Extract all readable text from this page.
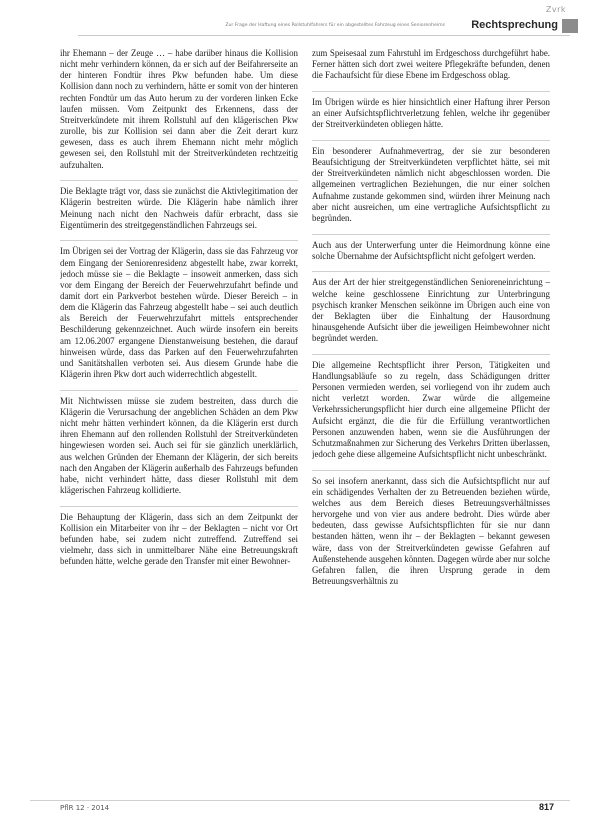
Zvrk
Zur Frage der Haftung eines Rollstuhlfahrers für ein abgestelltes Fahrzeug eines Seniorenheims Rechtsprechung

ihr Ehemann – der Zeuge … – habe darüber hinaus die Kollision nicht mehr verhindern können, da er sich auf der Beifahrerseite an der hinteren Fondtür ihres Pkw befunden habe. Um diese Kollision dann noch zu verhindern, hätte er somit von der hinteren rechten Fondtür um das Auto herum zu der vorderen linken Ecke laufen müssen. Vom Zeitpunkt des Erkennens, dass der Streitverkündete mit ihrem Rollstuhl auf den klägerischen Pkw zurolle, bis zur Kollision sei dann aber die Zeit derart kurz gewesen, dass es auch ihrem Ehemann nicht mehr möglich gewesen sei, den Rollstuhl mit der Streitverkündeten rechtzeitig aufzuhalten.

Die Beklagte trägt vor, dass sie zunächst die Aktivlegitimation der Klägerin bestreiten würde. Die Klägerin habe nämlich ihrer Meinung nach nicht den Nachweis dafür erbracht, dass sie Eigentümerin des streitgegenständlichen Fahrzeugs sei.

Im Übrigen sei der Vortrag der Klägerin, dass sie das Fahrzeug vor dem Eingang der Seniorenresidenz abgestellt habe, zwar korrekt, jedoch müsse sie – die Beklagte – insoweit anmerken, dass sich vor dem Eingang der Bereich der Feuerwehrzufahrt befinde und damit dort ein Parkverbot bestehen würde. Dieser Bereich – in dem die Klägerin das Fahrzeug abgestellt habe – sei auch deutlich als Bereich der Feuerwehrzufahrt mittels entsprechender Beschilderung gekennzeichnet. Auch würde insofern ein bereits am 12.06.2007 ergangene Dienstanweisung bestehen, die darauf hinweisen würde, dass das Parken auf den Feuerwehrzufahrten und Sanitätshallen verboten sei. Aus diesem Grunde habe die Klägerin ihren Pkw dort auch widerrechtlich abgestellt.

Mit Nichtwissen müsse sie zudem bestreiten, dass durch die Klägerin die Verursachung der angeblichen Schäden an dem Pkw nicht mehr hätten verhindert können, da die Klägerin erst durch ihren Ehemann auf den rollenden Rollstuhl der Streitverkündeten hingewiesen worden sei. Auch sei für sie gänzlich unerklärlich, aus welchen Gründen der Ehemann der Klägerin, der sich bereits nach den Angaben der Klägerin außerhalb des Fahrzeugs befunden habe, nicht verhindert hätte, dass dieser Rollstuhl mit dem klägerischen Fahrzeug kollidierte.

Die Behauptung der Klägerin, dass sich an dem Zeitpunkt der Kollision ein Mitarbeiter von ihr – der Beklagten – nicht vor Ort befunden habe, sei zudem nicht zutreffend. Zutreffend sei vielmehr, dass sich in unmittelbarer Nähe eine Betreuungskraft befunden hätte, welche gerade den Transfer mit einer Bewohner-

zum Speisesaal zum Fahrstuhl im Erdgeschoss durchgeführt habe. Ferner hätten sich dort zwei weitere Pflegekräfte befunden, denen die Fachaufsicht für diese Ebene im Erdgeschoss oblag.

Im Übrigen würde es hier hinsichtlich einer Haftung ihrer Person an einer Aufsichtspflichtverletzung fehlen, welche ihr gegenüber der Streitverkündeten obliegen hätte.

Ein besonderer Aufnahmevertrag, der sie zur besonderen Beaufsichtigung der Streitverkündeten verpflichtet hätte, sei mit der Streitverkündeten nämlich nicht abgeschlossen worden. Die allgemeinen vertraglichen Beziehungen, die nur einer solchen Aufnahme zustande gekommen sind, würden ihrer Meinung nach aber nicht ausreichen, um eine vertragliche Aufsichtspflicht zu begründen.

Auch aus der Unterwerfung unter die Heimordnung könne eine solche Übernahme der Aufsichtspflicht nicht gefolgert werden.

Aus der Art der hier streitgegenständlichen Senioreneinrichtung – welche keine geschlossene Einrichtung zur Unterbringung psychisch kranker Menschen seikönne im Übrigen auch eine von der Beklagten über die Einhaltung der Hausordnung hinausgehende Aufsicht über die jeweiligen Heimbewohner nicht begründet werden.

Die allgemeine Rechtspflicht ihrer Person, Tätigkeiten und Handlungsabläufe so zu regeln, dass Schädigungen dritter Personen vermieden werden, sei vorliegend von ihr zudem auch nicht verletzt worden. Zwar würde die allgemeine Verkehrssicherungspflicht hier durch eine allgemeine Pflicht der Aufsicht ergänzt, die die für die Erfüllung verantwortlichen Personen anzuwenden haben, wenn sie die Ausführungen der Schutzmaßnahmen zur Sicherung des Verkehrs Dritten überlassen, jedoch gehe diese allgemeine Aufsichtspflicht nicht unbeschränkt.

So sei insofern anerkannt, dass sich die Aufsichtspflicht nur auf ein schädigendes Verhalten der zu Betreuenden beziehen würde, welches aus dem Bereich dieses Betreuungsverhältnisses hervorgehe und von vier aus andere bedroht. Dies würde aber bedeuten, dass gewisse Aufsichtspflichten für sie nur dann bestanden hätten, wenn ihr – der Beklagten – bekannt gewesen wäre, dass von der Streitverkündeten gewisse Gefahren auf Außenstehende ausgehen könnten. Dagegen würde aber nur solche Gefahren fallen, die ihren Ursprung gerade in dem Betreuungsverhältnis zu

PflR 12 · 2014	817
